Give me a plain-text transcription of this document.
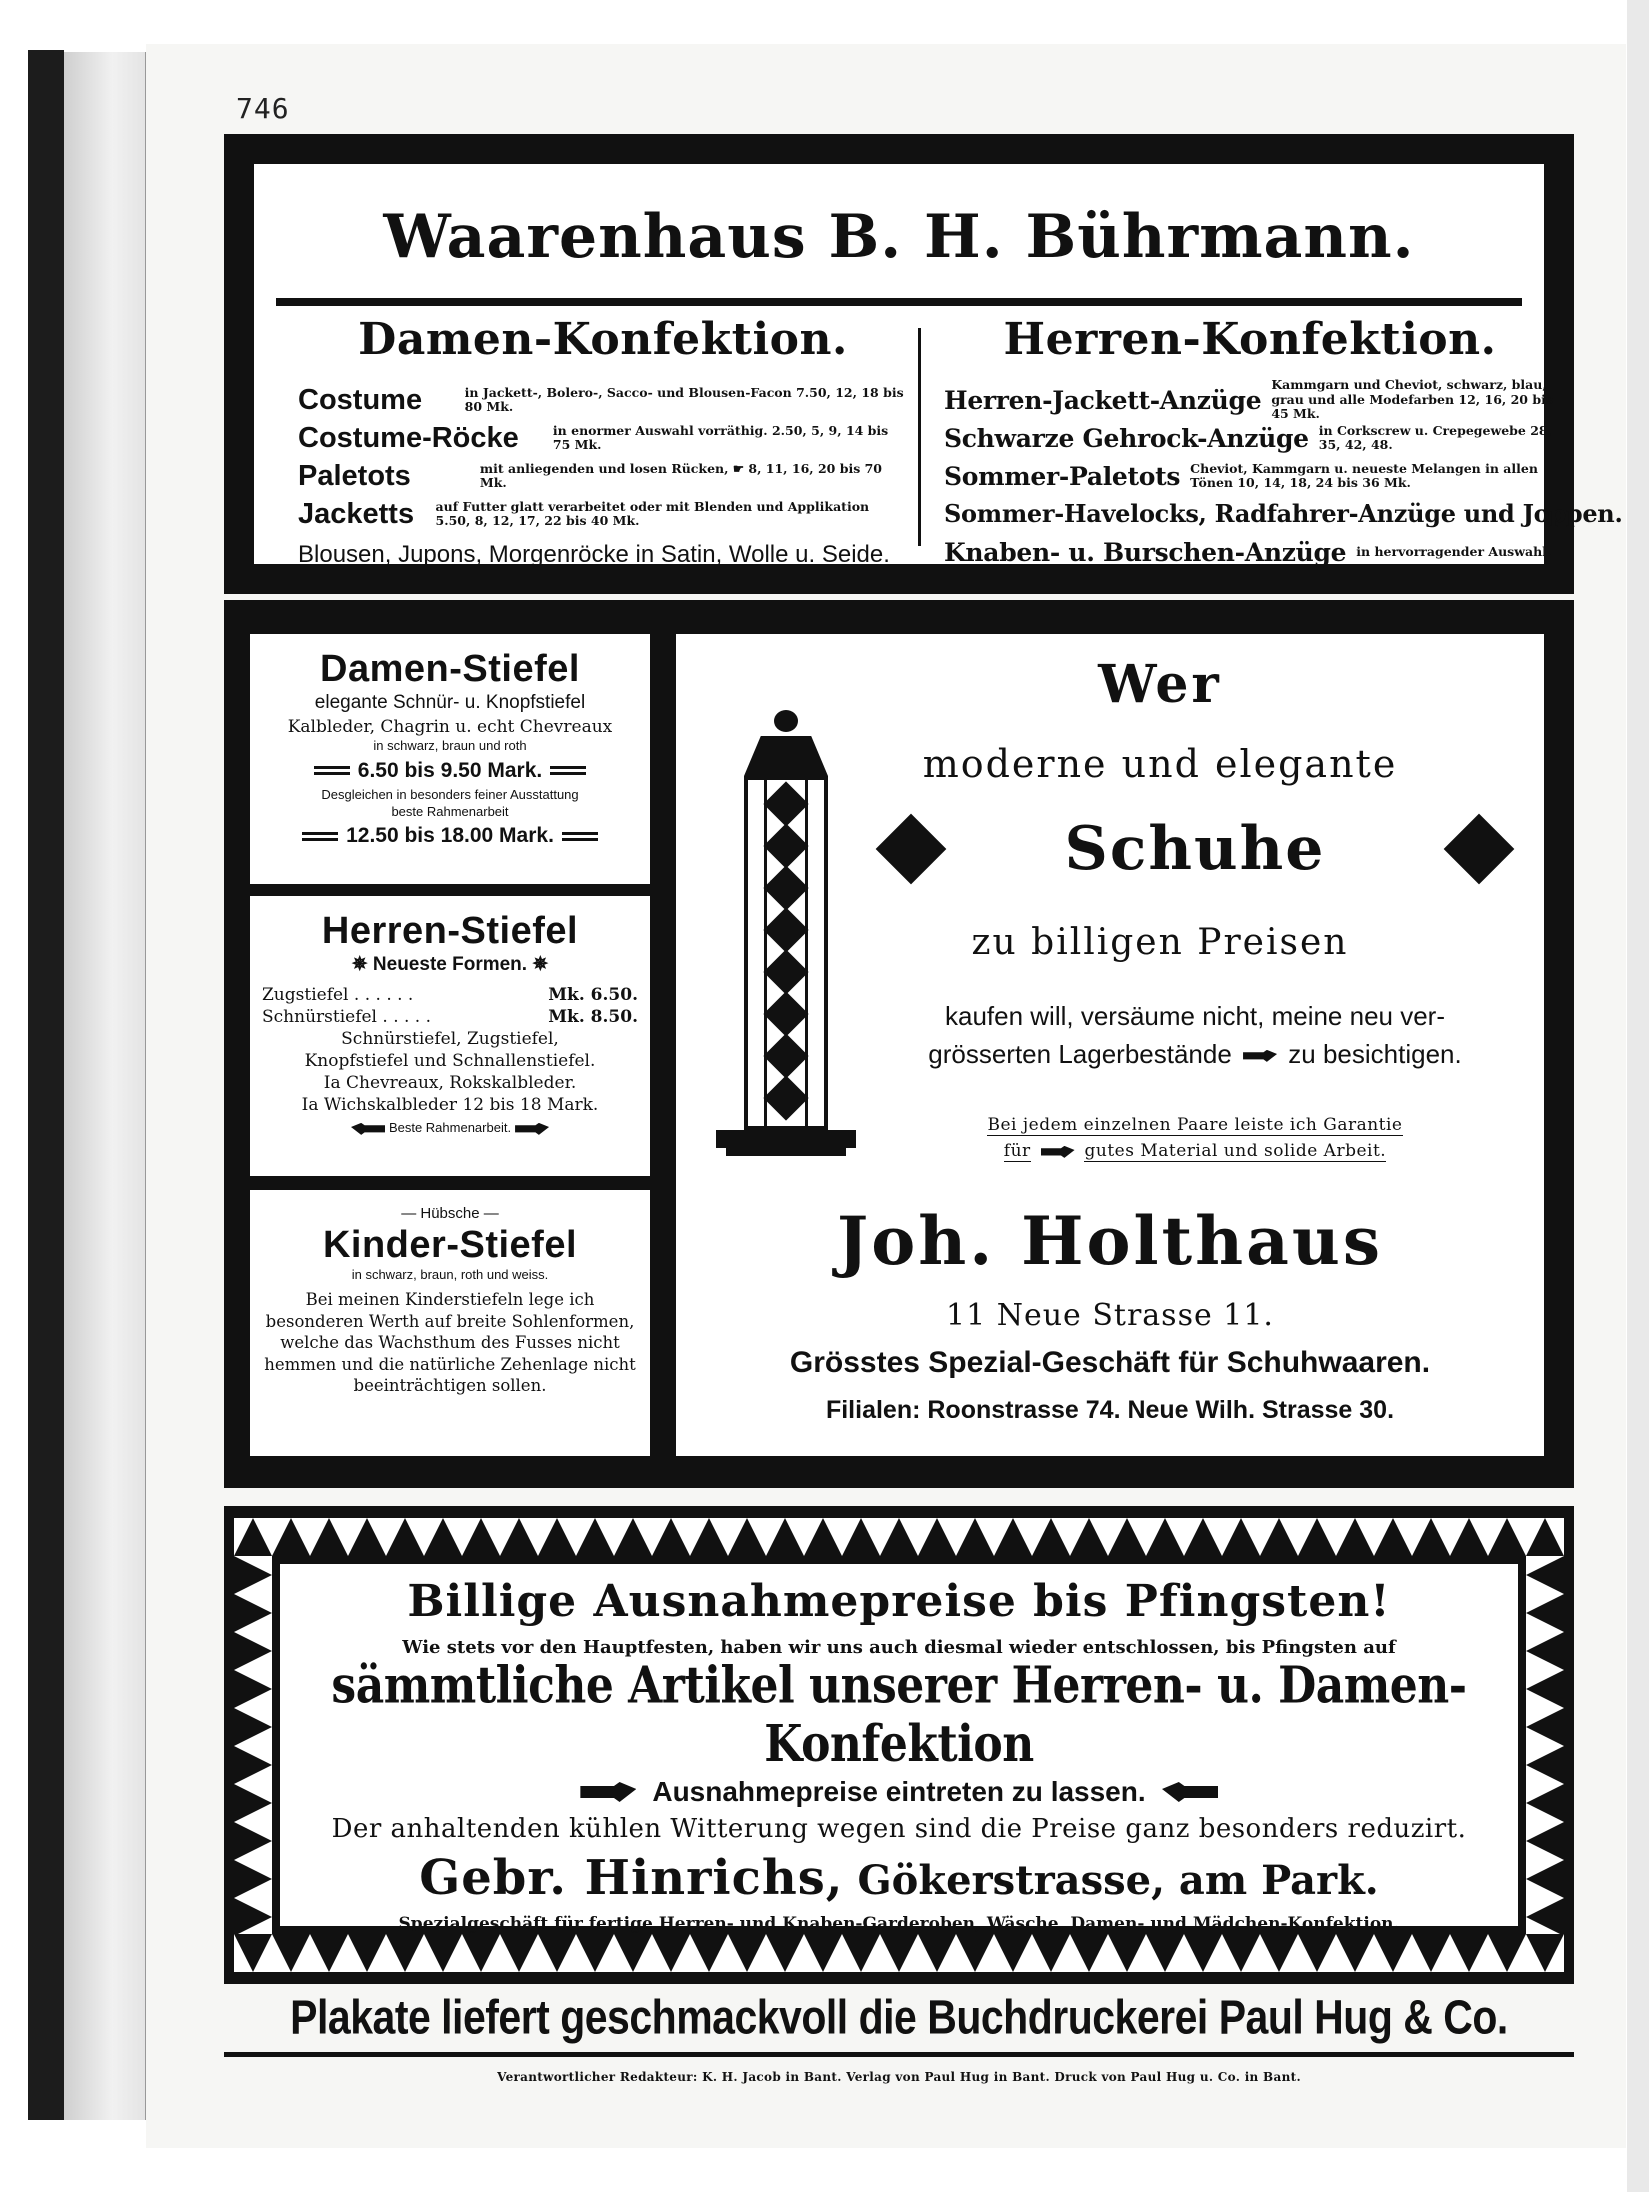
746
Waarenhaus B. H. Bührmann.
Damen-Konfektion.
Costume	in Jackett-, Bolero-, Sacco- und Blousen-Facon 7.50, 12, 18 bis 80 Mk.
Costume-Röcke	in enormer Auswahl vorräthig. 2.50, 5, 9, 14 bis 75 Mk.
Paletots	mit anliegenden und losen Rücken, ☛ 8, 11, 16, 20 bis 70 Mk.
Jacketts	auf Futter glatt verarbeitet oder mit Blenden und Applikation 5.50, 8, 12, 17, 22 bis 40 Mk.
Blousen, Jupons, Morgenröcke in Satin, Wolle u. Seide.
Herren-Konfektion.
Herren-Jackett-Anzüge
Kammgarn und Cheviot, schwarz, blau, grau und alle Modefarben 12, 16, 20 bis 45 Mk.
Schwarze Gehrock-Anzüge in Corkscrew u. Crepegewebe 28, 35, 42, 48.
Sommer-Paletots Cheviot, Kammgarn u. neueste Melangen in allen Tönen 10, 14, 18, 24 bis 36 Mk.
Sommer-Havelocks, Radfahrer-Anzüge und Joppen.
Knaben- u. Burschen-Anzüge in hervorragender Auswahl.
Damen-Stiefel
elegante Schnür- u. Knopfstiefel
Kalbleder, Chagrin u. echt Chevreaux
in schwarz, braun und roth
6.50 bis 9.50 Mark.
Desgleichen in besonders feiner Ausstattung
beste Rahmenarbeit
12.50 bis 18.00 Mark.
Herren-Stiefel
✵ Neueste Formen. ✵
Zugstiefel . . . . . .	Mk. 6.50.
Schnürstiefel . . . . .	Mk. 8.50.
Schnürstiefel, Zugstiefel,
Knopfstiefel und Schnallenstiefel.
Ia Chevreaux, Rokskalbleder.
Ia Wichskalbleder 12 bis 18 Mark.
Beste Rahmenarbeit.
— Hübsche —
Kinder-Stiefel
in schwarz, braun, roth und weiss.
Bei meinen Kinderstiefeln lege ich besonderen Werth auf breite Sohlenformen, welche das Wachsthum des Fusses nicht hemmen und die natürliche Zehenlage nicht beeinträchtigen sollen.
Wer
moderne und elegante
Schuhe
zu billigen Preisen
kaufen will, versäume nicht, meine neu ver-
grösserten Lagerbestände zu besichtigen.
Bei jedem einzelnen Paare leiste ich Garantie
für	gutes Material und solide Arbeit.
Joh. Holthaus
11 Neue Strasse 11.
Grösstes Spezial-Geschäft für Schuhwaaren.
Filialen: Roonstrasse 74. Neue Wilh. Strasse 30.
Billige Ausnahmepreise bis Pfingsten!
Wie stets vor den Hauptfesten, haben wir uns auch diesmal wieder entschlossen, bis Pfingsten auf
sämmtliche Artikel unserer Herren- u. Damen-Konfektion
Ausnahmepreise eintreten zu lassen.
Der anhaltenden kühlen Witterung wegen sind die Preise ganz besonders reduzirt.
Gebr. Hinrichs, Gökerstrasse, am Park.
Spezialgeschäft für fertige Herren- und Knaben-Garderoben, Wäsche, Damen- und Mädchen-Konfektion.
Plakate liefert geschmackvoll die Buchdruckerei Paul Hug & Co.
Verantwortlicher Redakteur: K. H. Jacob in Bant. Verlag von Paul Hug in Bant. Druck von Paul Hug u. Co. in Bant.
